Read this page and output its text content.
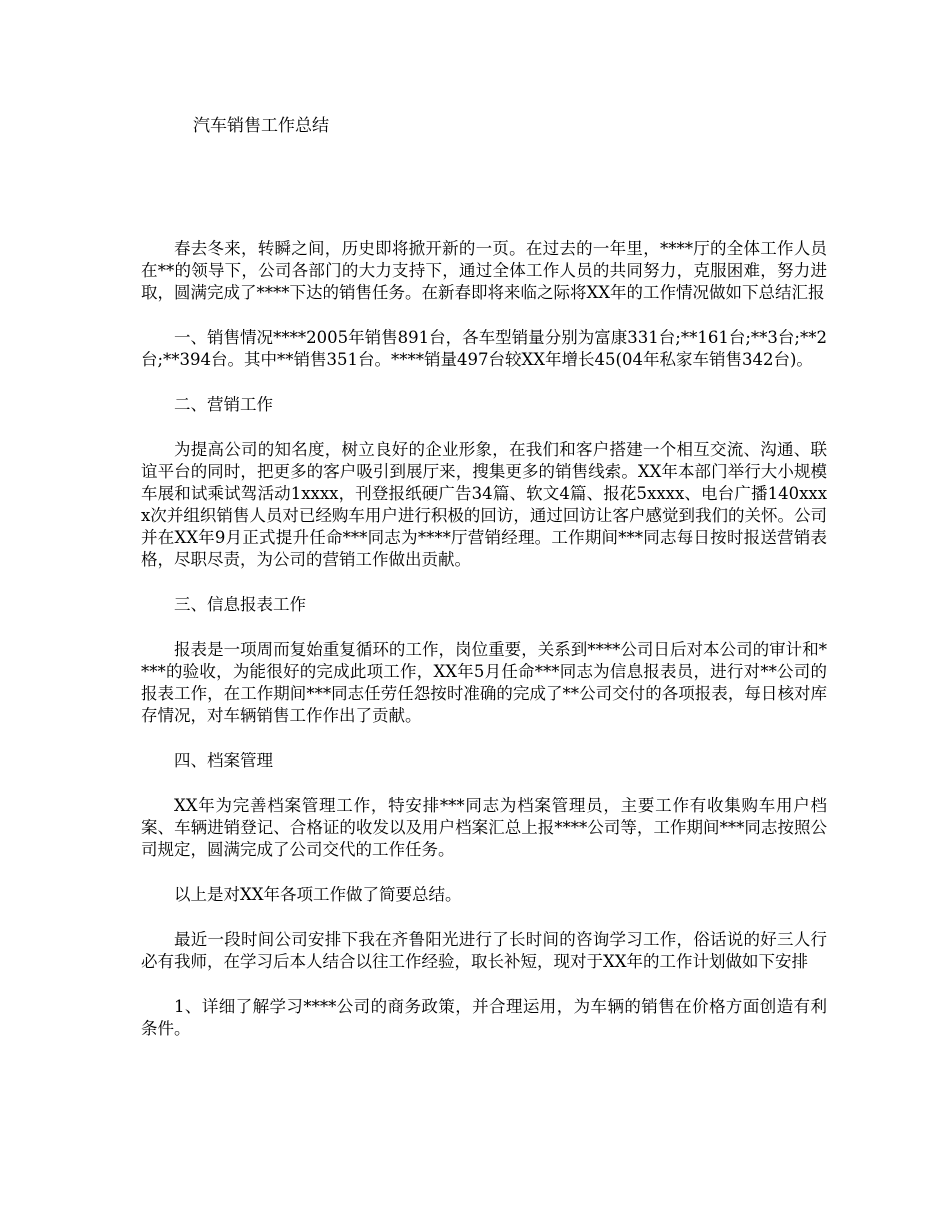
汽车销售工作总结

春去冬来，转瞬之间，历史即将掀开新的一页。在过去的一年里，****厅的全体工作人员在**的领导下，公司各部门的大力支持下，通过全体工作人员的共同努力，克服困难，努力进取，圆满完成了****下达的销售任务。在新春即将来临之际将XX年的工作情况做如下总结汇报

一、销售情况****2005年销售891台，各车型销量分别为富康331台;**161台;**3台;**2台;**394台。其中**销售351台。****销量497台较XX年增长45(04年私家车销售342台)。

二、营销工作

为提高公司的知名度，树立良好的企业形象，在我们和客户搭建一个相互交流、沟通、联谊平台的同时，把更多的客户吸引到展厅来，搜集更多的销售线索。XX年本部门举行大小规模车展和试乘试驾活动1xxxx，刊登报纸硬广告34篇、软文4篇、报花5xxxx、电台广播140xxxx次并组织销售人员对已经购车用户进行积极的回访，通过回访让客户感觉到我们的关怀。公司并在XX年9月正式提升任命***同志为****厅营销经理。工作期间***同志每日按时报送营销表格，尽职尽责，为公司的营销工作做出贡献。

三、信息报表工作

报表是一项周而复始重复循环的工作，岗位重要，关系到****公司日后对本公司的审计和****的验收，为能很好的完成此项工作，XX年5月任命***同志为信息报表员，进行对**公司的报表工作，在工作期间***同志任劳任怨按时准确的完成了**公司交付的各项报表，每日核对库存情况，对车辆销售工作作出了贡献。

四、档案管理

XX年为完善档案管理工作，特安排***同志为档案管理员，主要工作有收集购车用户档案、车辆进销登记、合格证的收发以及用户档案汇总上报****公司等，工作期间***同志按照公司规定，圆满完成了公司交代的工作任务。

以上是对XX年各项工作做了简要总结。

最近一段时间公司安排下我在齐鲁阳光进行了长时间的咨询学习工作，俗话说的好三人行必有我师，在学习后本人结合以往工作经验，取长补短，现对于XX年的工作计划做如下安排

1、详细了解学习****公司的商务政策，并合理运用，为车辆的销售在价格方面创造有利条件。
